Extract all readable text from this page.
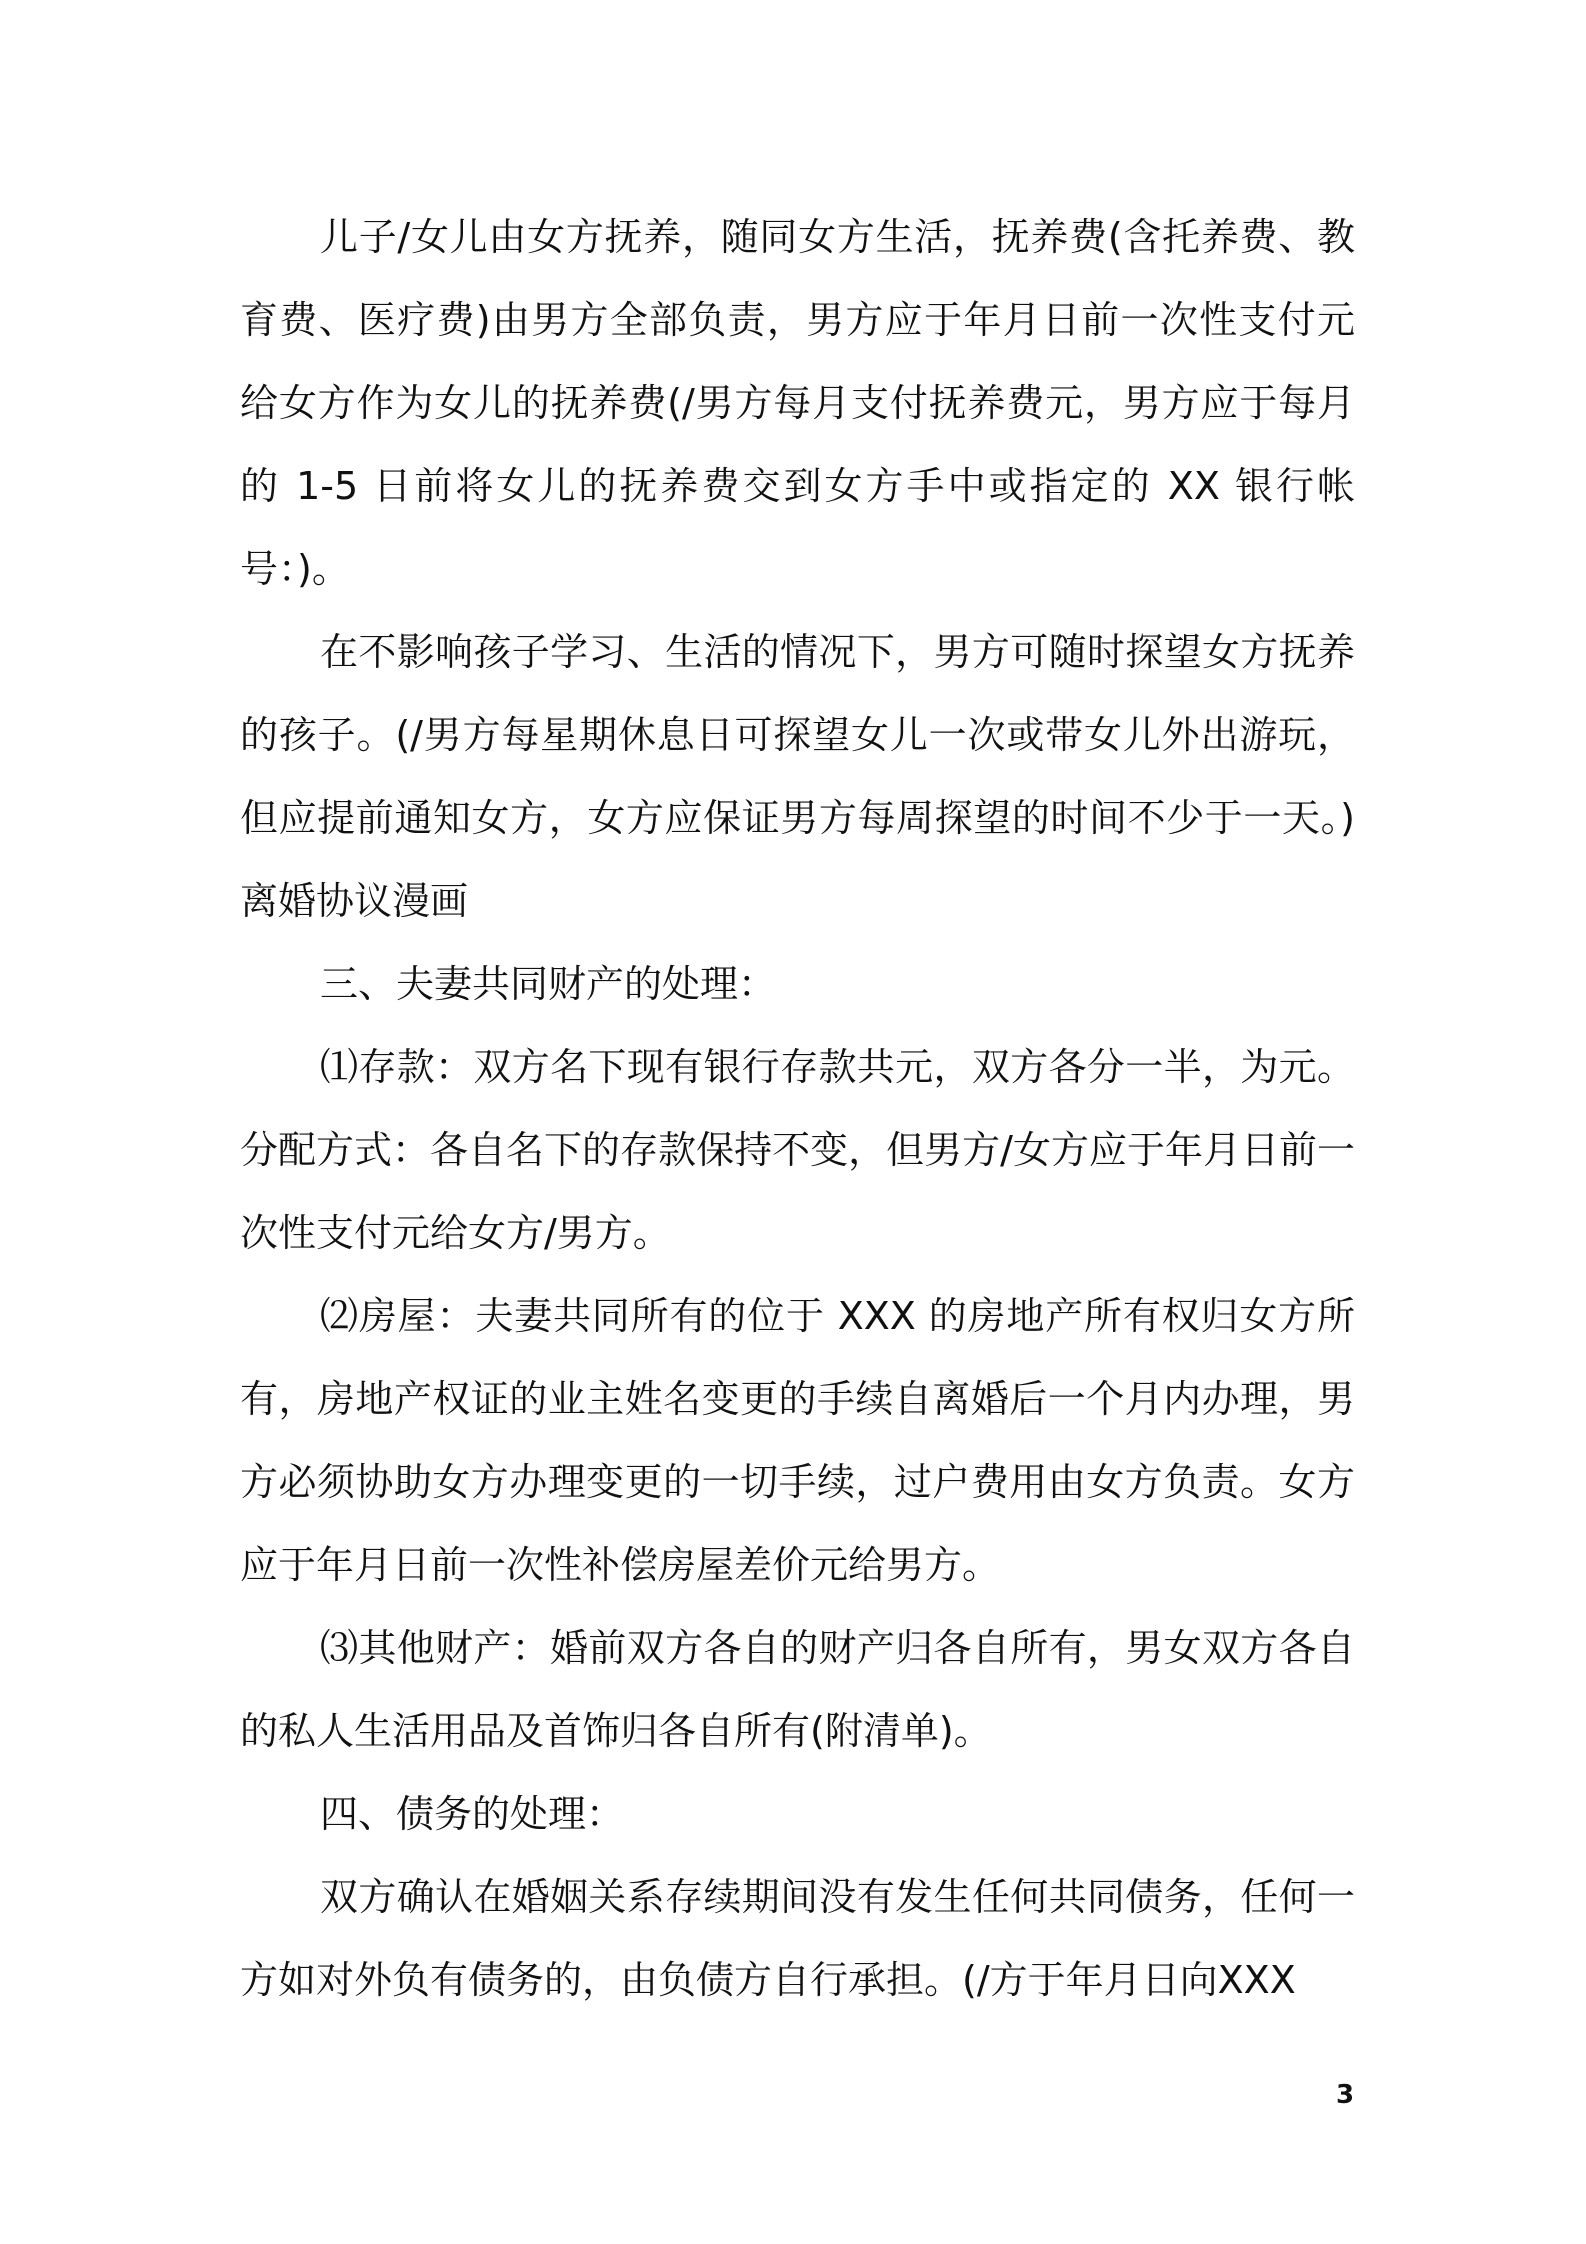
儿子/女儿由女方抚养，随同女方生活，抚养费(含托养费、教育费、医疗费)由男方全部负责，男方应于年月日前一次性支付元给女方作为女儿的抚养费(/男方每月支付抚养费元，男方应于每月的 1-5 日前将女儿的抚养费交到女方手中或指定的 XX 银行帐号：)。

在不影响孩子学习、生活的情况下，男方可随时探望女方抚养的孩子。(/男方每星期休息日可探望女儿一次或带女儿外出游玩，但应提前通知女方，女方应保证男方每周探望的时间不少于一天。)离婚协议漫画

三、夫妻共同财产的处理：

⑴存款：双方名下现有银行存款共元，双方各分一半，为元。分配方式：各自名下的存款保持不变，但男方/女方应于年月日前一次性支付元给女方/男方。

⑵房屋：夫妻共同所有的位于 XXX 的房地产所有权归女方所有，房地产权证的业主姓名变更的手续自离婚后一个月内办理，男方必须协助女方办理变更的一切手续，过户费用由女方负责。女方应于年月日前一次性补偿房屋差价元给男方。

⑶其他财产：婚前双方各自的财产归各自所有，男女双方各自的私人生活用品及首饰归各自所有(附清单)。

四、债务的处理：

双方确认在婚姻关系存续期间没有发生任何共同债务，任何一方如对外负有债务的，由负债方自行承担。(/方于年月日向XXX

3
